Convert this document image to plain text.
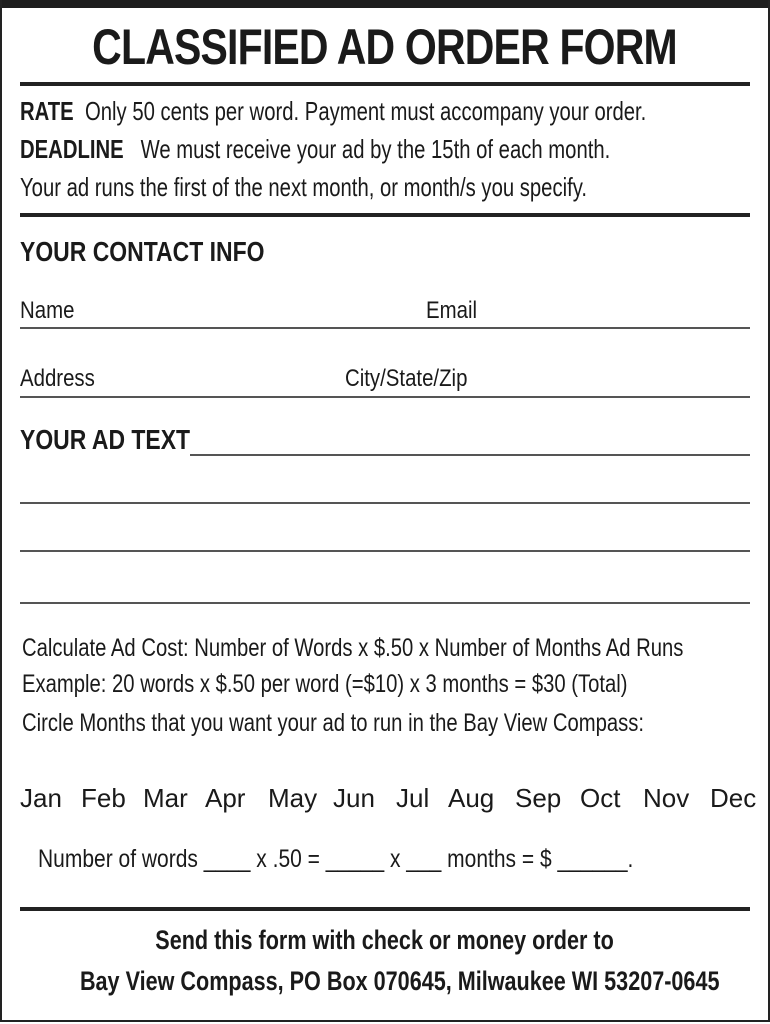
CLASSIFIED AD ORDER FORM
RATE Only 50 cents per word. Payment must accompany your order.
DEADLINE We must receive your ad by the 15th of each month.
Your ad runs the first of the next month, or month/s you specify.
YOUR CONTACT INFO
Name	Email
Address	City/State/Zip
YOUR AD TEXT
Calculate Ad Cost: Number of Words x $.50 x Number of Months Ad Runs
Example: 20 words x $.50 per word (=$10) x 3 months = $30 (Total)
Circle Months that you want your ad to run in the Bay View Compass:
Jan Feb Mar Apr May Jun Jul Aug Sep Oct Nov Dec
Number of words ____ x .50 = _____ x ___ months = $ ______.
Send this form with check or money order to
Bay View Compass, PO Box 070645, Milwaukee WI 53207-0645
